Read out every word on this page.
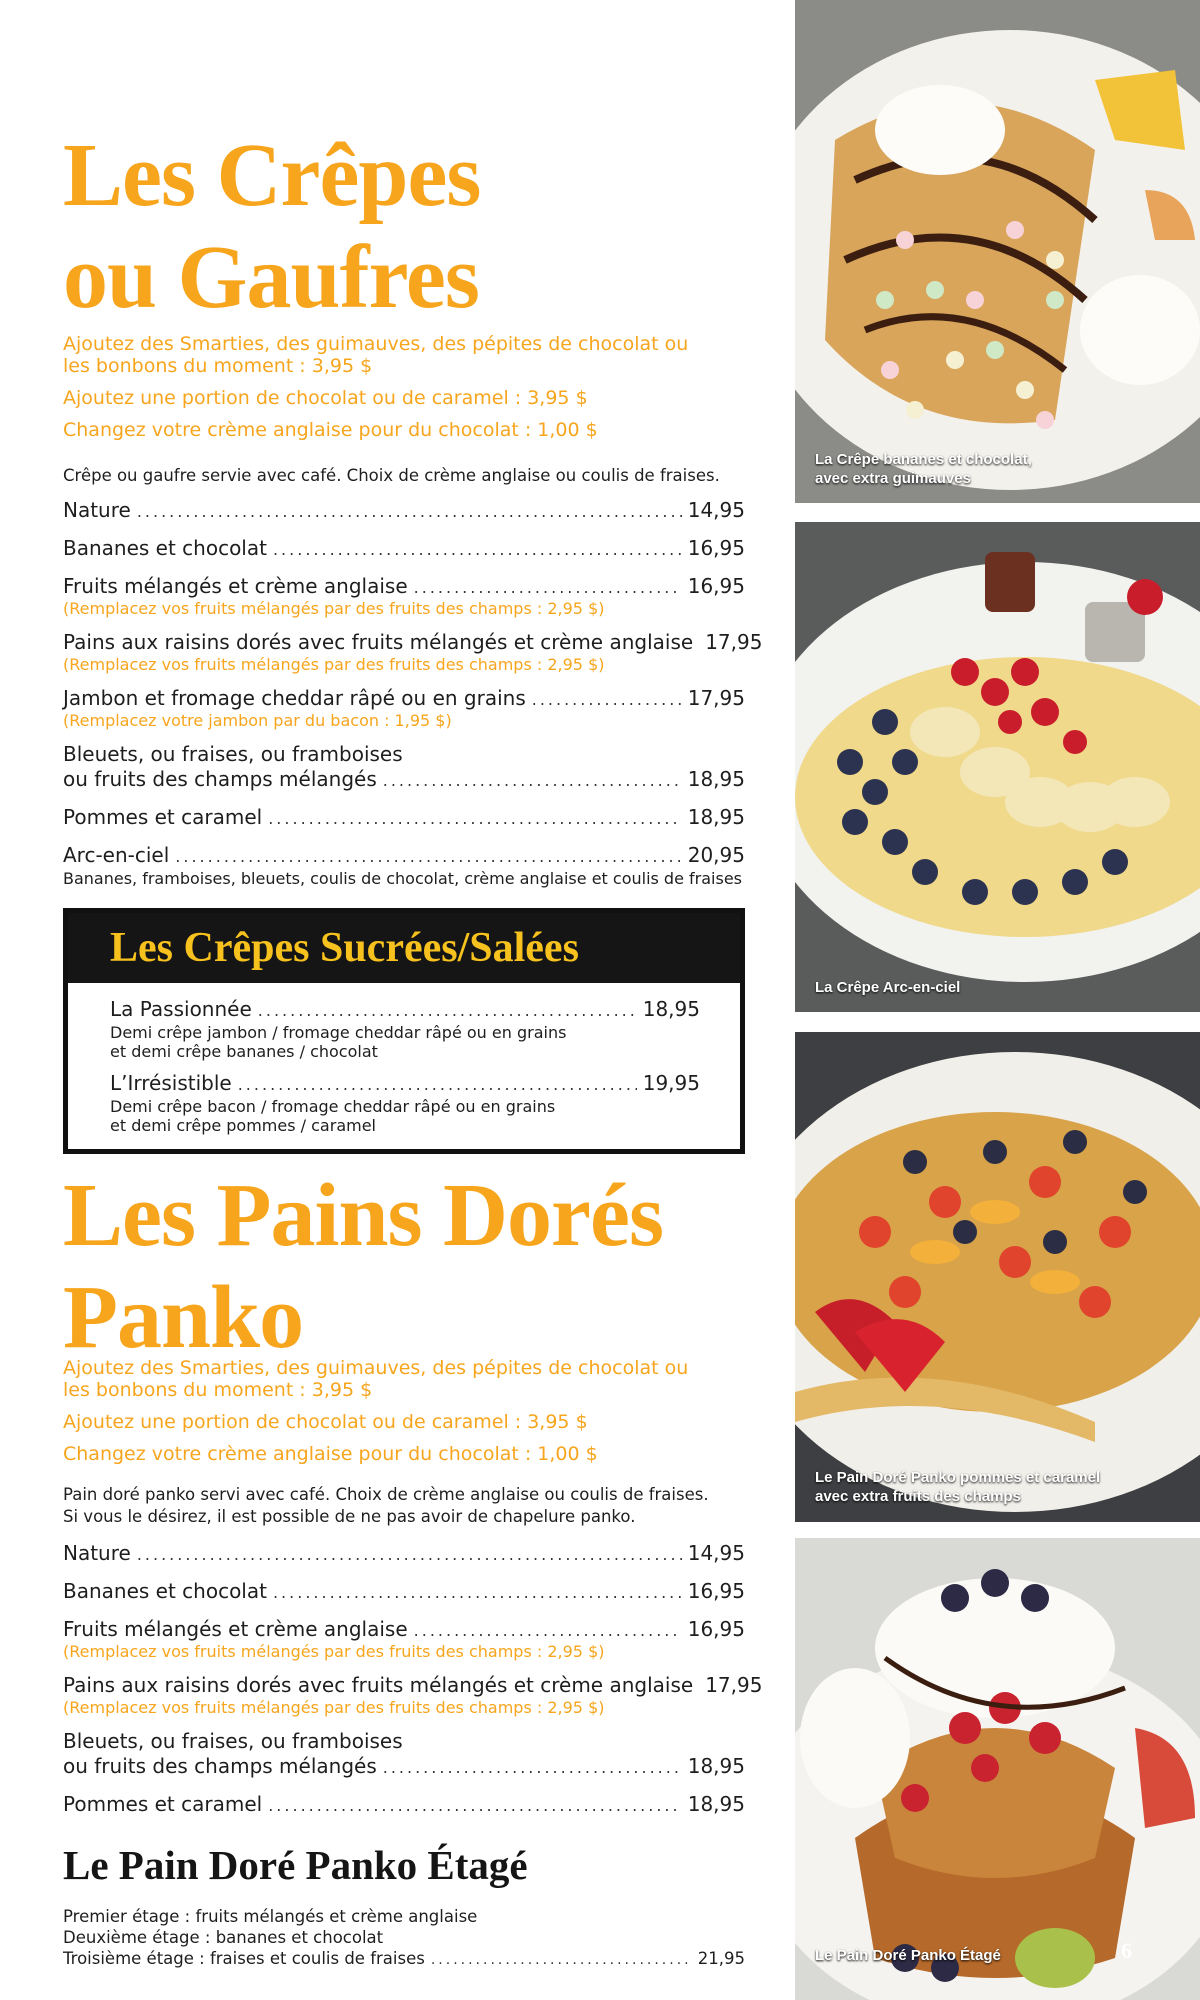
Les Crêpes
ou Gaufres
Ajoutez des Smarties, des guimauves, des pépites de chocolat ou les bonbons du moment : 3,95 $
Ajoutez une portion de chocolat ou de caramel : 3,95 $
Changez votre crème anglaise pour du chocolat : 1,00 $
Crêpe ou gaufre servie avec café. Choix de crème anglaise ou coulis de fraises.
Nature .....	14,95
Bananes et chocolat .....	16,95
Fruits mélangés et crème anglaise .....	16,95
(Remplacez vos fruits mélangés par des fruits des champs : 2,95 $)
Pains aux raisins dorés avec fruits mélangés et crème anglaise 17,95
(Remplacez vos fruits mélangés par des fruits des champs : 2,95 $)
Jambon et fromage cheddar râpé ou en grains .....	17,95
(Remplacez votre jambon par du bacon : 1,95 $)
Bleuets, ou fraises, ou framboises
ou fruits des champs mélangés .....	18,95
Pommes et caramel .....	18,95
Arc-en-ciel .....	20,95
Bananes, framboises, bleuets, coulis de chocolat, crème anglaise et coulis de fraises
Les Crêpes Sucrées/Salées
La Passionnée .....	18,95
Demi crêpe jambon / fromage cheddar râpé ou en grains
et demi crêpe bananes / chocolat
L’Irrésistible .....	19,95
Demi crêpe bacon / fromage cheddar râpé ou en grains
et demi crêpe pommes / caramel
Les Pains Dorés
Panko
Ajoutez des Smarties, des guimauves, des pépites de chocolat ou les bonbons du moment : 3,95 $
Ajoutez une portion de chocolat ou de caramel : 3,95 $
Changez votre crème anglaise pour du chocolat : 1,00 $
Pain doré panko servi avec café. Choix de crème anglaise ou coulis de fraises.
Si vous le désirez, il est possible de ne pas avoir de chapelure panko.
Nature .....	14,95
Bananes et chocolat .....	16,95
Fruits mélangés et crème anglaise .....	16,95
(Remplacez vos fruits mélangés par des fruits des champs : 2,95 $)
Pains aux raisins dorés avec fruits mélangés et crème anglaise 17,95
(Remplacez vos fruits mélangés par des fruits des champs : 2,95 $)
Bleuets, ou fraises, ou framboises
ou fruits des champs mélangés .....	18,95
Pommes et caramel .....	18,95
Le Pain Doré Panko Étagé
Premier étage : fruits mélangés et crème anglaise
Deuxième étage : bananes et chocolat
Troisième étage : fraises et coulis de fraises .....	21,95
La Crêpe bananes et chocolat,
avec extra guimauves
La Crêpe Arc-en-ciel
Le Pain Doré Panko pommes et caramel
avec extra fruits des champs
Le Pain Doré Panko Étagé	6
